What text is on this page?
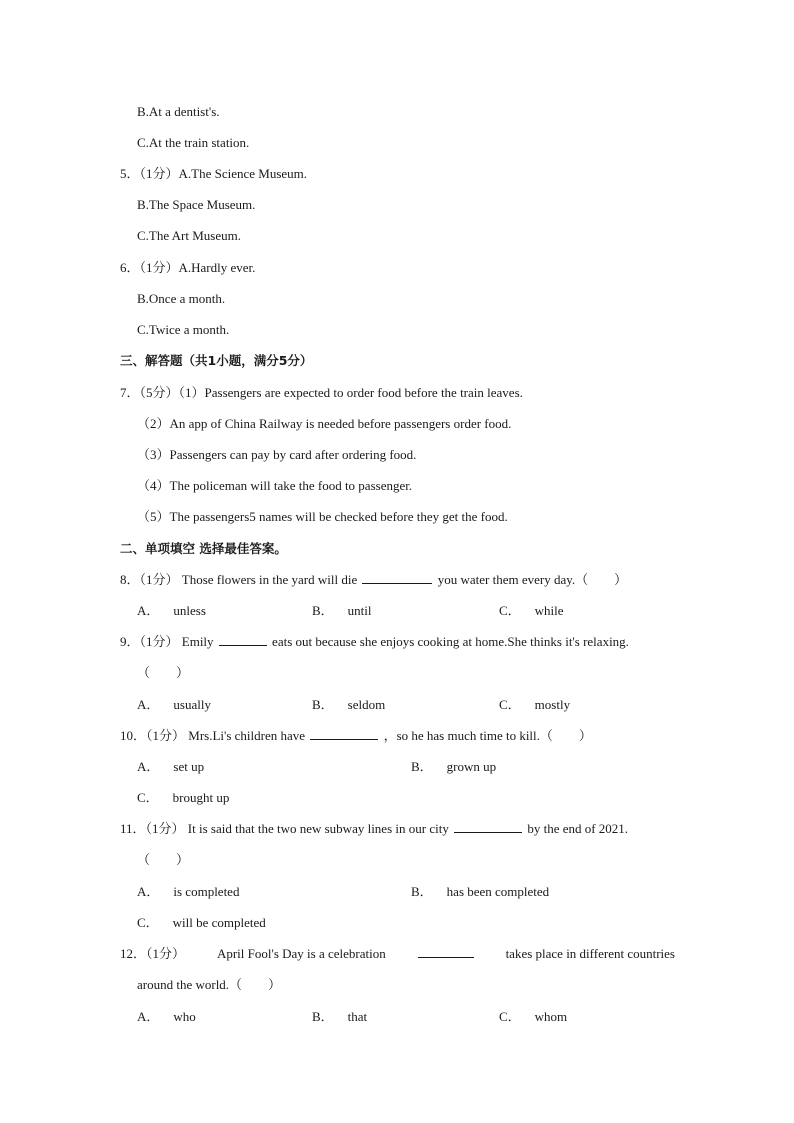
B.At a dentist's.
C.At the train station.
5．（1分）A.The Science Museum.
B.The Space Museum.
C.The Art Museum.
6．（1分）A.Hardly ever.
B.Once a month.
C.Twice a month.
三、解答题（共1小题，满分5分）
7．（5分）（1）Passengers are expected to order food before the train leaves.
（2）An app of China Railway is needed before passengers order food.
（3）Passengers can pay by card after ordering food.
（4）The policeman will take the food to passenger.
（5）The passengers5 names will be checked before they get the food.
二、单项填空 选择最佳答案。
8．（1分） Those flowers in the yard will die	you water them every day.（　　）
A． unless	B． until	C． while
9．（1分） Emily	eats out because she enjoys cooking at home.She thinks it's relaxing.
（　　）
A． usually	B． seldom	C． mostly
10．（1分） Mrs.Li's children have	，so he has much time to kill.（　　）
A． set up	B． grown up
C． brought up
11．（1分） It is said that the two new subway lines in our city	by the end of 2021.
（　　）
A． is completed	B． has been completed
C． will be completed
12．（1分） April Fool's Day is a celebration	takes place in different countries
around the world.（　　）
A． who	B． that	C． whom
